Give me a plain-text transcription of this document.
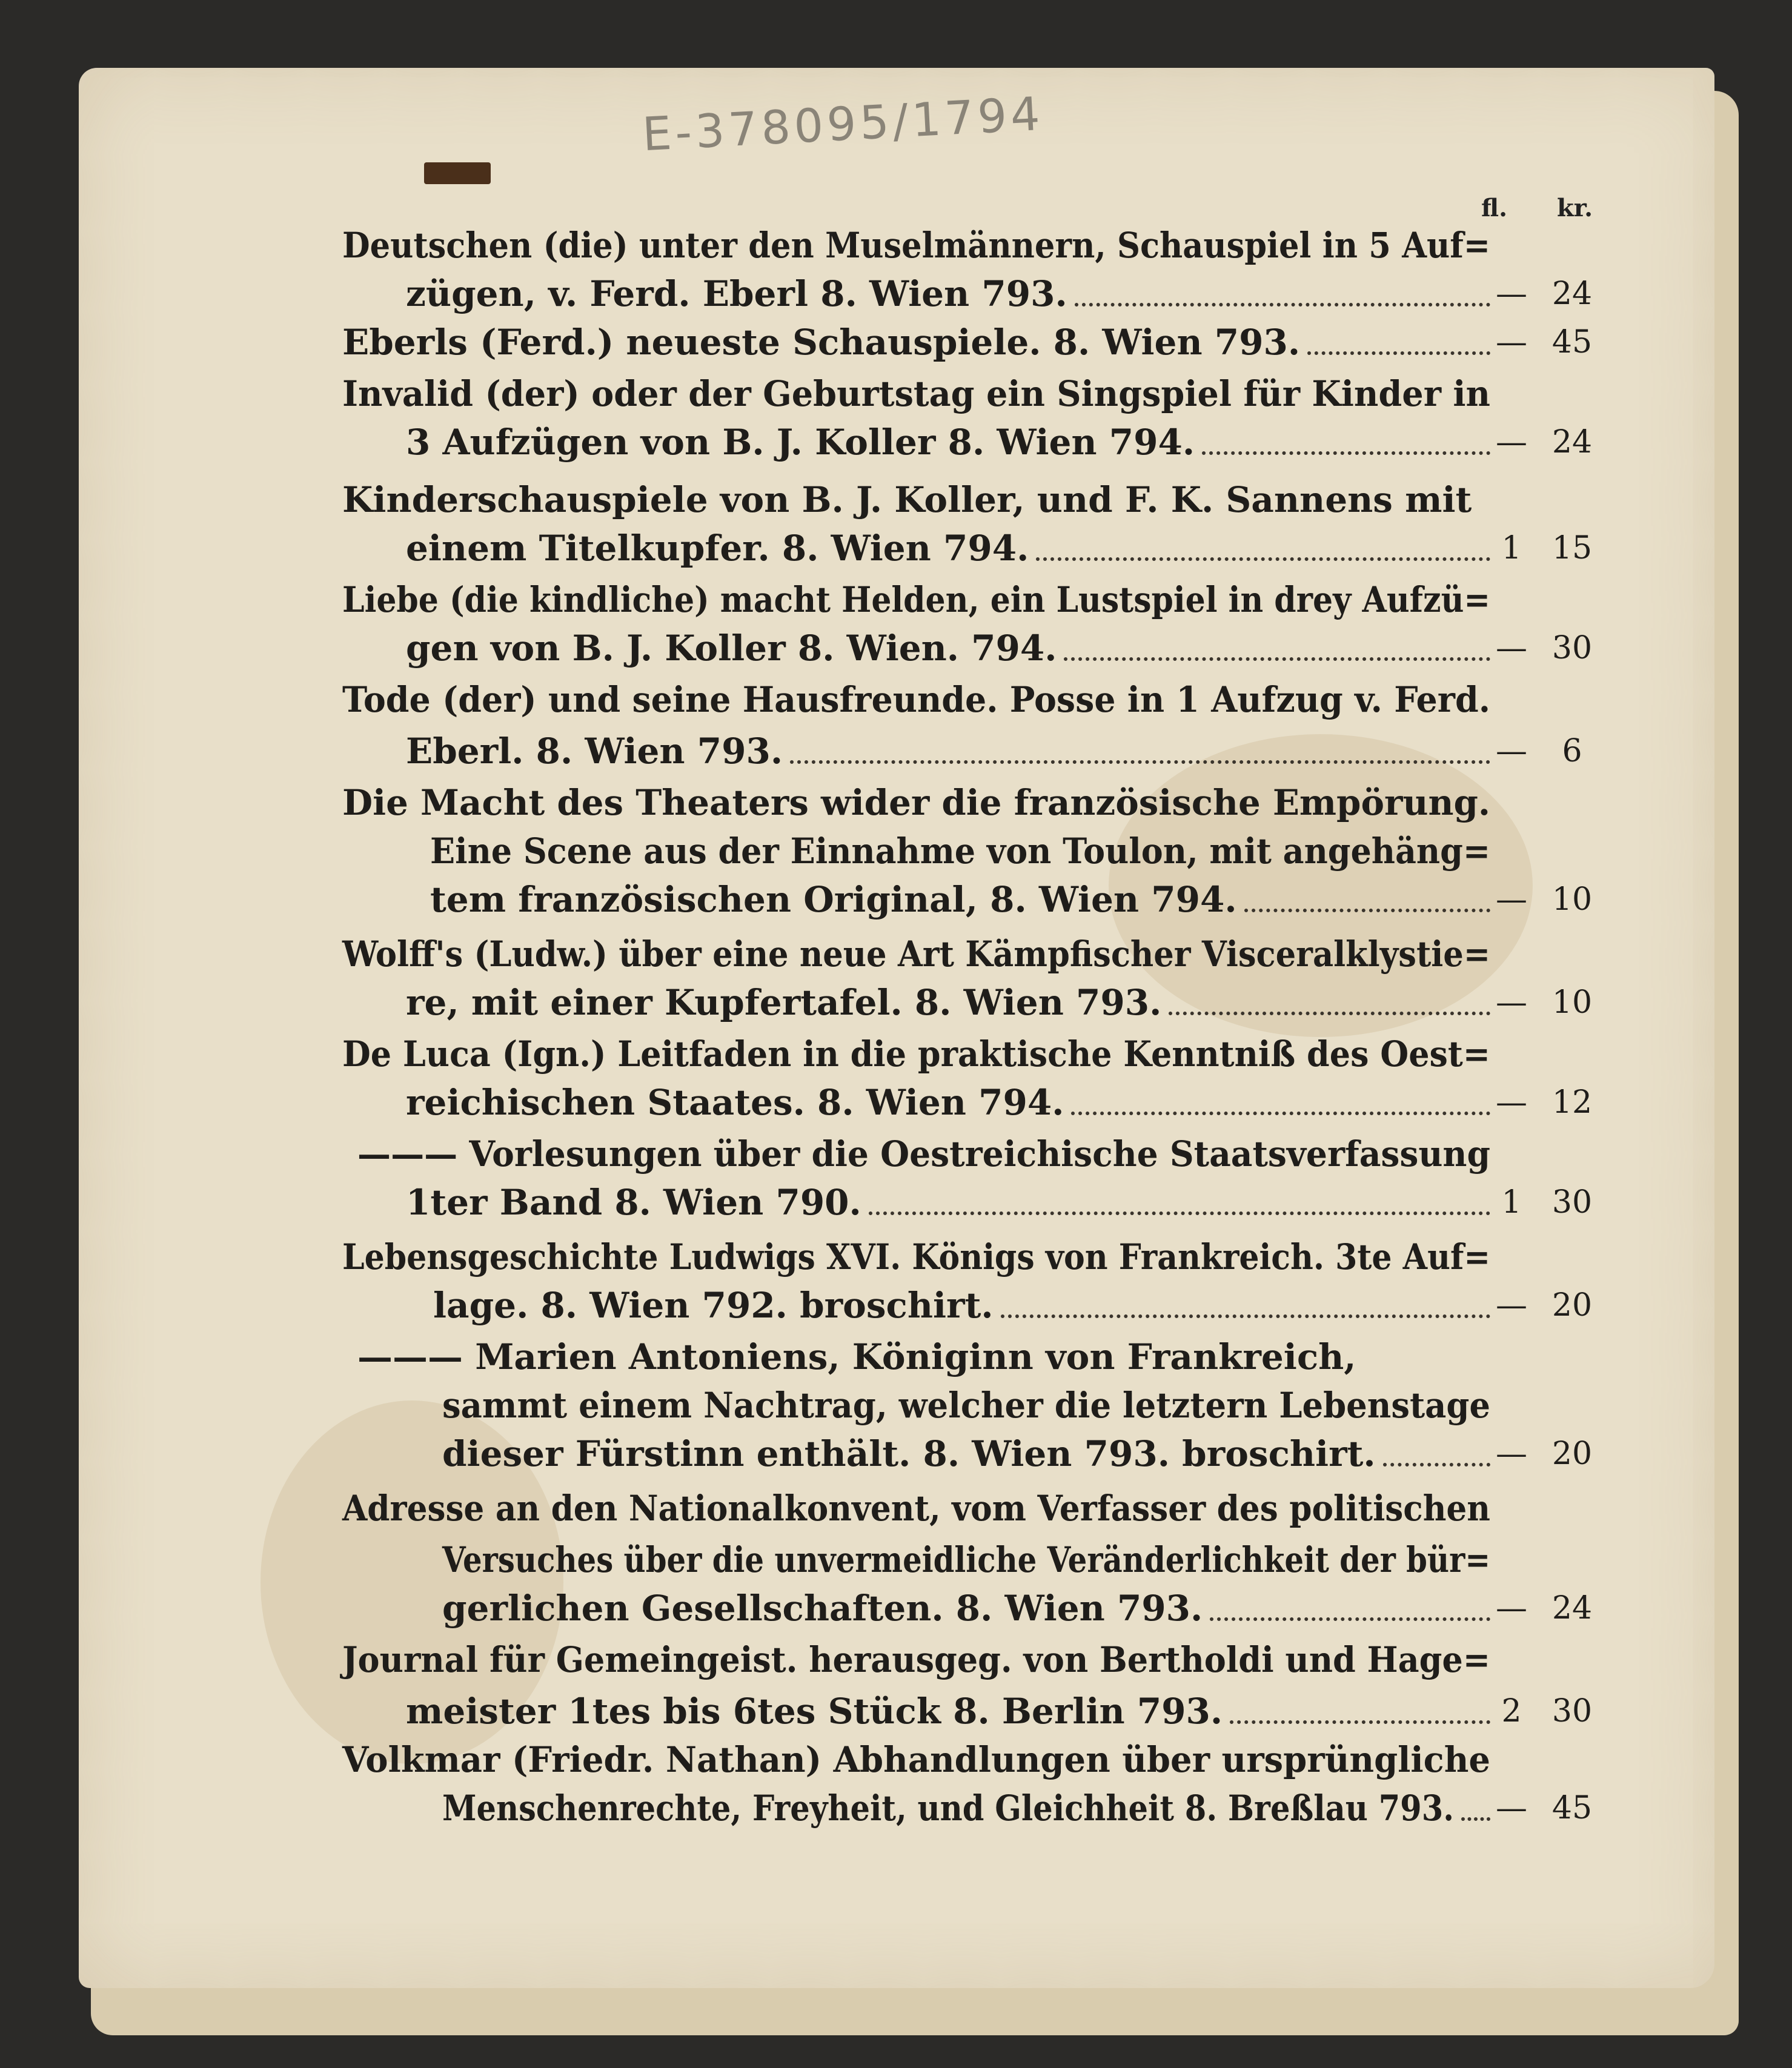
E-378095/1794
fl. kr.
Deutschen (die) unter den Muselmännern, Schauspiel in 5 Auf=
zügen, v. Ferd. Eberl 8. Wien 793.	— 24
Eberls (Ferd.) neueste Schauspiele. 8. Wien 793.	— 45
Invalid (der) oder der Geburtstag ein Singspiel für Kinder in
3 Aufzügen von B. J. Koller 8. Wien 794.	— 24
Kinderschauspiele von B. J. Koller, und F. K. Sannens mit
einem Titelkupfer. 8. Wien 794.	1 15
Liebe (die kindliche) macht Helden, ein Lustspiel in drey Aufzü=
gen von B. J. Koller 8. Wien. 794.	— 30
Tode (der) und seine Hausfreunde. Posse in 1 Aufzug v. Ferd.
Eberl. 8. Wien 793.	—	6
Die Macht des Theaters wider die französische Empörung.
Eine Scene aus der Einnahme von Toulon, mit angehäng=
tem französischen Original, 8. Wien 794.	— 10
Wolff's (Ludw.) über eine neue Art Kämpfischer Visceralklystie=
re, mit einer Kupfertafel. 8. Wien 793.	— 10
De Luca (Ign.) Leitfaden in die praktische Kenntniß des Oest=
reichischen Staates. 8. Wien 794.	— 12
——— Vorlesungen über die Oestreichische Staatsverfassung
1ter Band 8. Wien 790.	1 30
Lebensgeschichte Ludwigs XVI. Königs von Frankreich. 3te Auf=
lage. 8. Wien 792. broschirt.	— 20
——— Marien Antoniens, Königinn von Frankreich,
sammt einem Nachtrag, welcher die letztern Lebenstage
dieser Fürstinn enthält. 8. Wien 793. broschirt.	— 20
Adresse an den Nationalkonvent, vom Verfasser des politischen
Versuches über die unvermeidliche Veränderlichkeit der bür=
gerlichen Gesellschaften. 8. Wien 793.	— 24
Journal für Gemeingeist. herausgeg. von Bertholdi und Hage=
meister 1tes bis 6tes Stück 8. Berlin 793.	2 30
Volkmar (Friedr. Nathan) Abhandlungen über ursprüngliche
Menschenrechte, Freyheit, und Gleichheit 8. Breßlau 793. — 45
